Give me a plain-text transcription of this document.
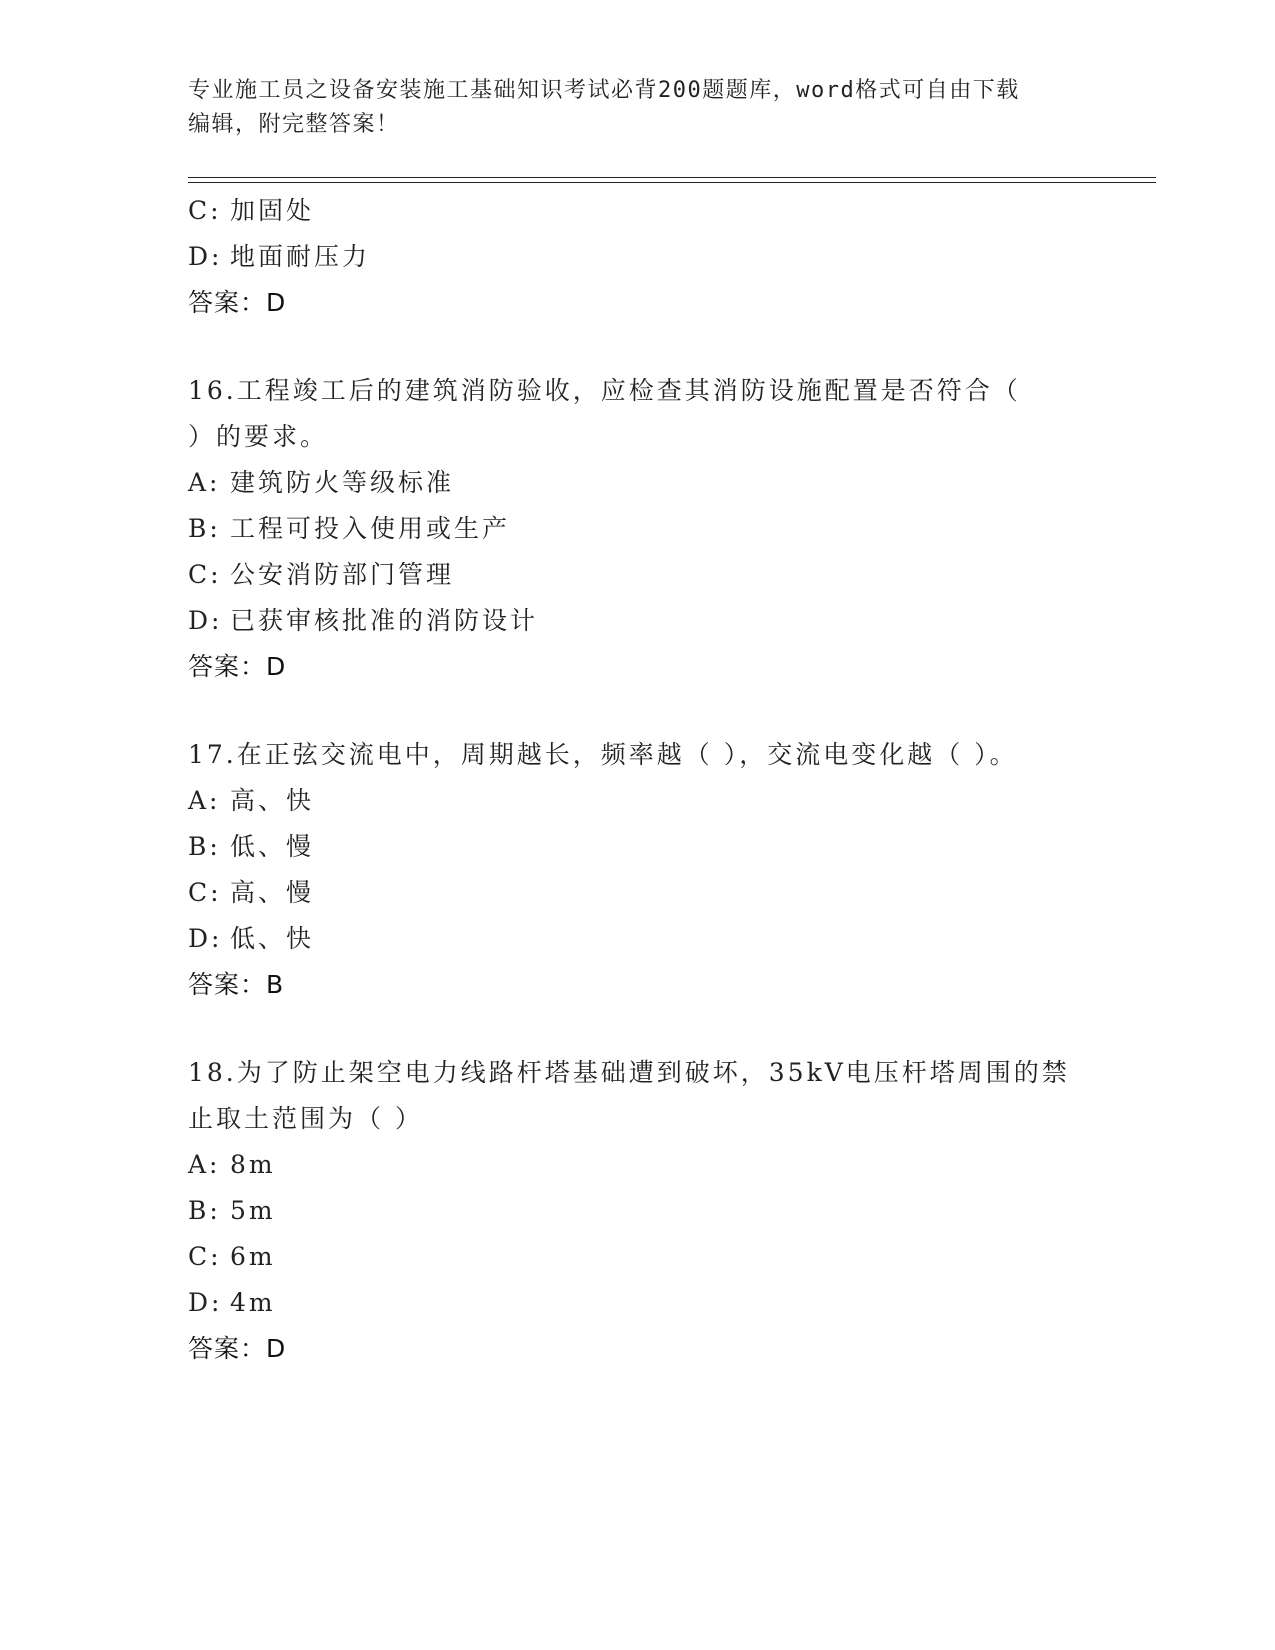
专业施工员之设备安装施工基础知识考试必背200题题库，word格式可自由下载
编辑，附完整答案！
C: 加固处
D: 地面耐压力
答案：D
16.工程竣工后的建筑消防验收，应检查其消防设施配置是否符合（
）的要求。
A: 建筑防火等级标准
B: 工程可投入使用或生产
C: 公安消防部门管理
D: 已获审核批准的消防设计
答案：D
17.在正弦交流电中，周期越长，频率越（ ），交流电变化越（ ）。
A: 高、快
B: 低、慢
C: 高、慢
D: 低、快
答案：B
18.为了防止架空电力线路杆塔基础遭到破坏，35kV电压杆塔周围的禁
止取土范围为（ ）
A: 8m
B: 5m
C: 6m
D: 4m
答案：D
